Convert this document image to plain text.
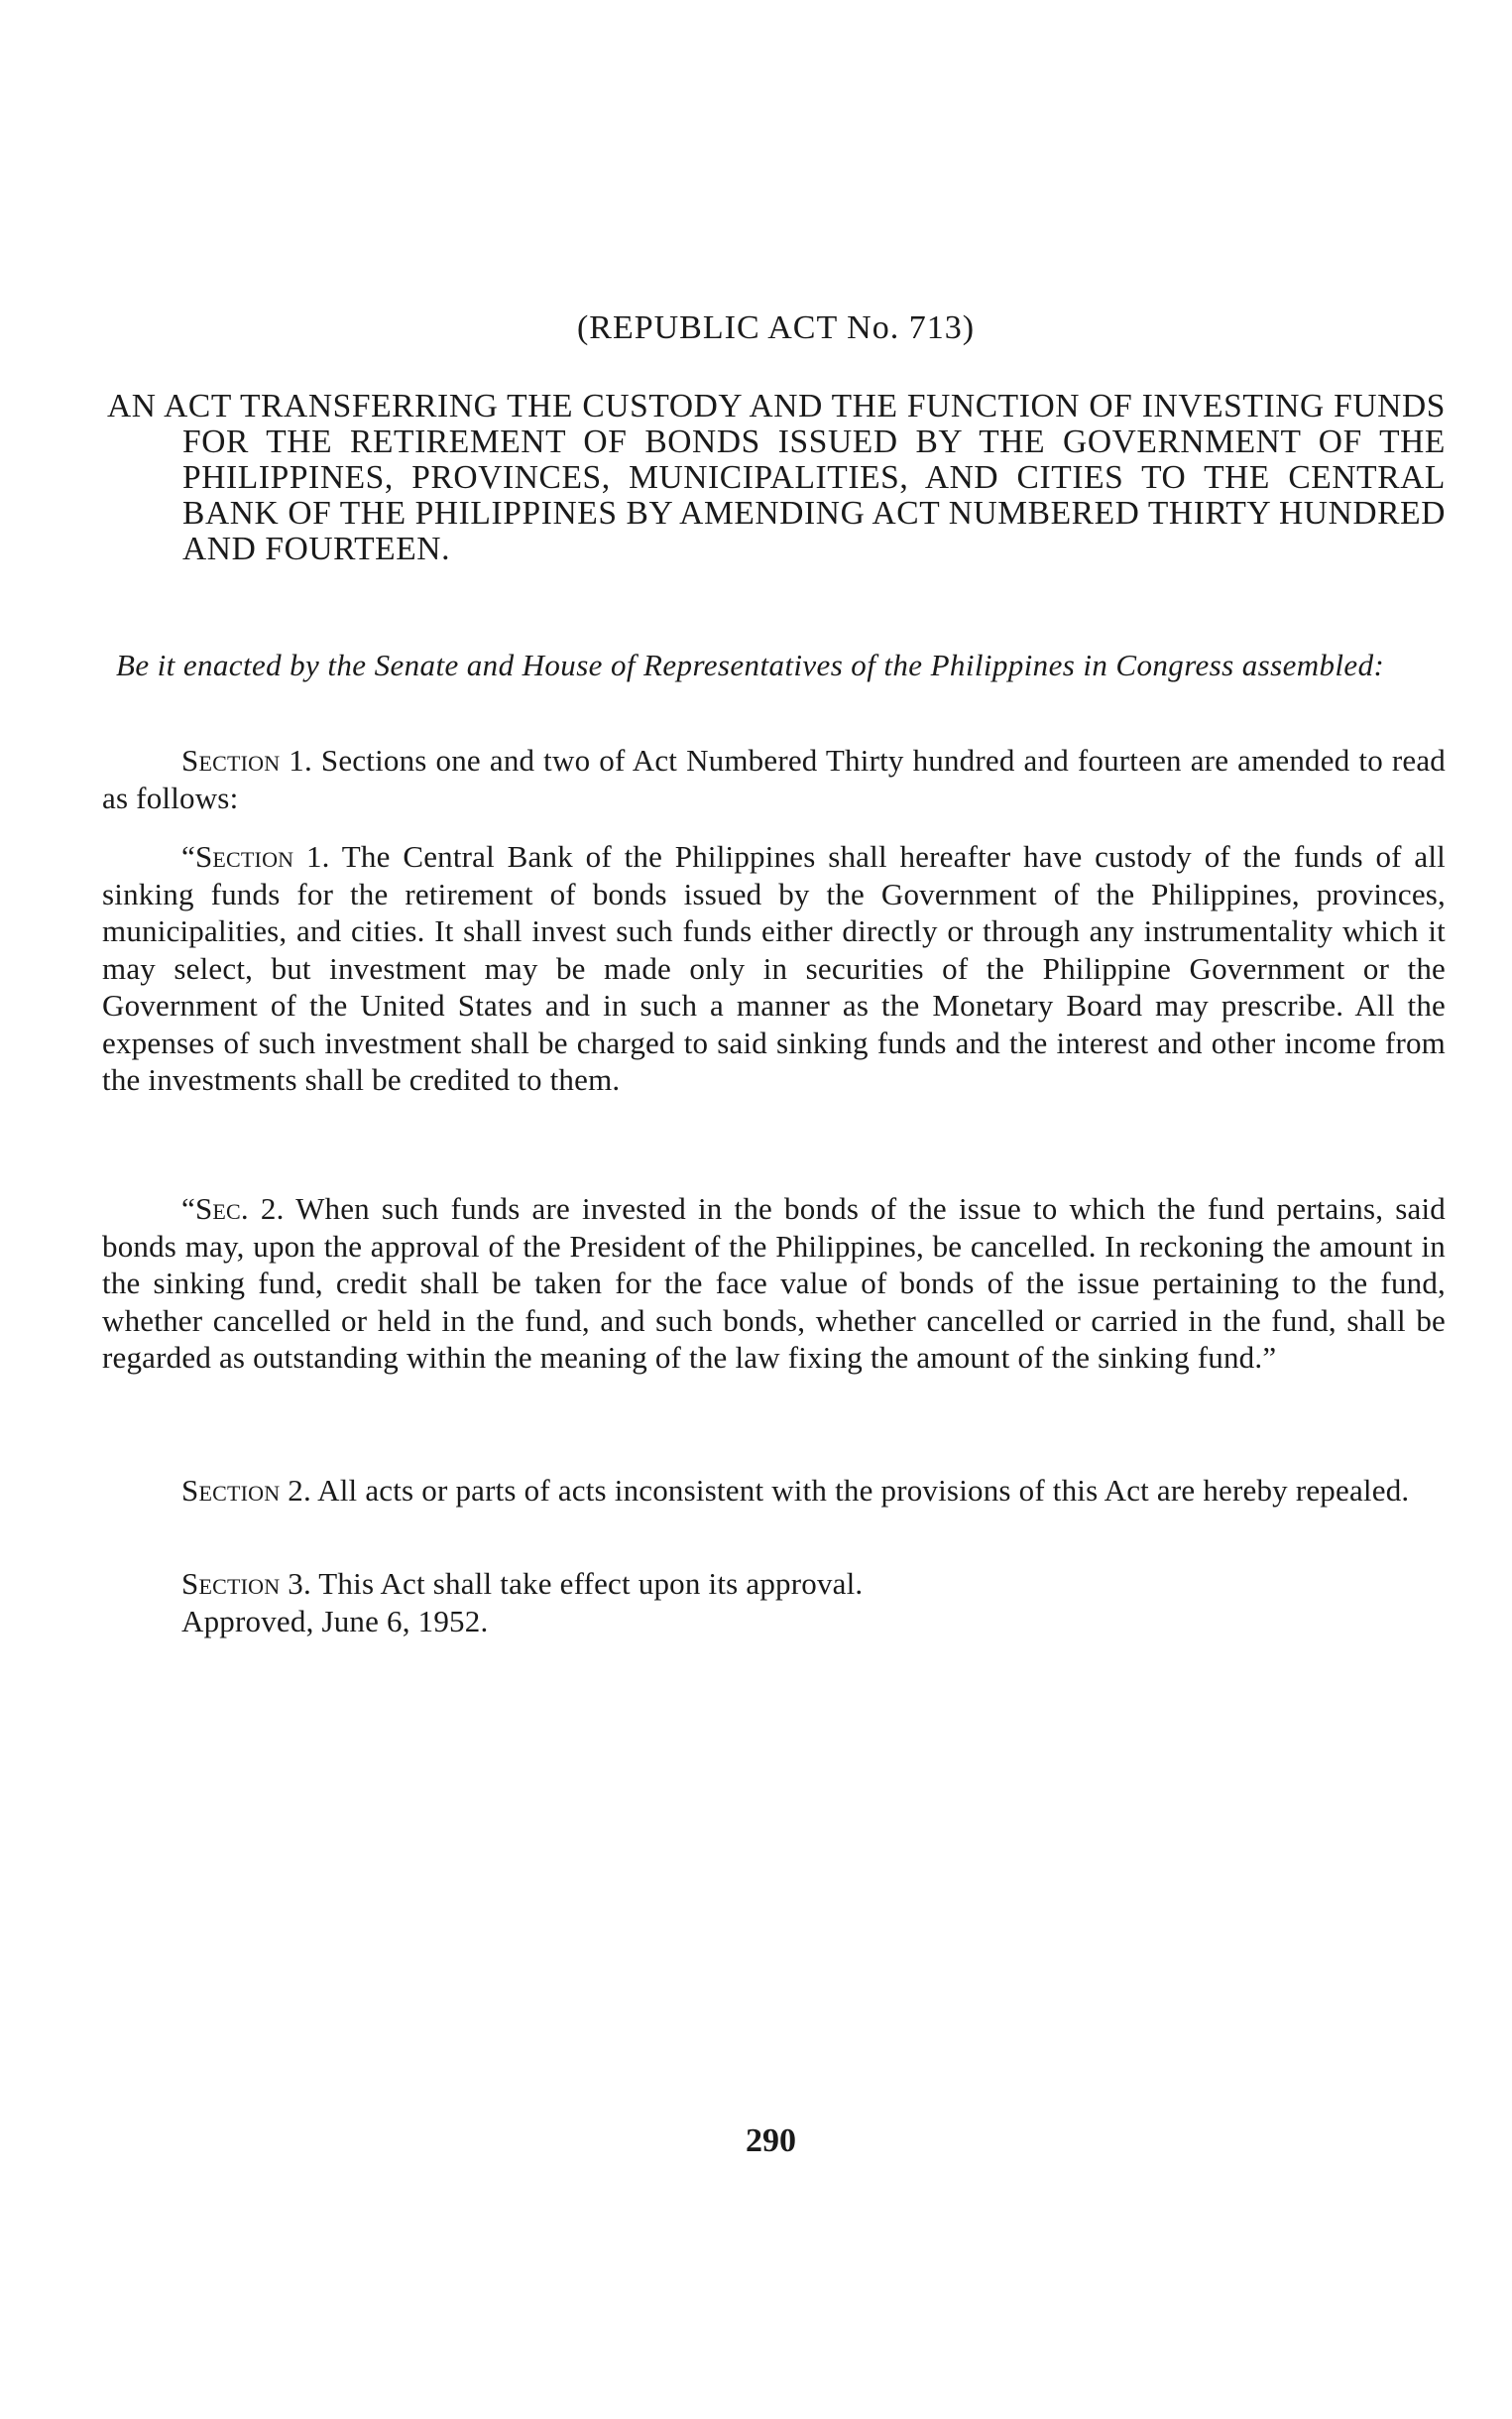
(REPUBLIC ACT No. 713)
AN ACT TRANSFERRING THE CUSTODY AND THE FUNCTION OF INVESTING FUNDS FOR THE RETIREMENT OF BONDS ISSUED BY THE GOVERNMENT OF THE PHILIPPINES, PROVINCES, MUNICIPALITIES, AND CITIES TO THE CENTRAL BANK OF THE PHILIPPINES BY AMENDING ACT NUMBERED THIRTY HUNDRED AND FOURTEEN.
Be it enacted by the Senate and House of Representatives of the Philippines in Congress assembled:

Section 1. Sections one and two of Act Numbered Thirty hundred and fourteen are amended to read as follows:

“Section 1. The Central Bank of the Philippines shall hereafter have custody of the funds of all sinking funds for the retirement of bonds issued by the Government of the Philippines, provinces, municipalities, and cities. It shall invest such funds either directly or through any instrumentality which it may select, but investment may be made only in securities of the Philippine Government or the Government of the United States and in such a manner as the Monetary Board may prescribe. All the expenses of such investment shall be charged to said sinking funds and the interest and other income from the investments shall be credited to them.

“Sec. 2. When such funds are invested in the bonds of the issue to which the fund pertains, said bonds may, upon the approval of the President of the Philippines, be cancelled. In reckoning the amount in the sinking fund, credit shall be taken for the face value of bonds of the issue pertaining to the fund, whether cancelled or held in the fund, and such bonds, whether cancelled or carried in the fund, shall be regarded as outstanding within the meaning of the law fixing the amount of the sinking fund.”

Section 2. All acts or parts of acts inconsistent with the provisions of this Act are hereby repealed.

Section 3. This Act shall take effect upon its approval.

Approved, June 6, 1952.

290
